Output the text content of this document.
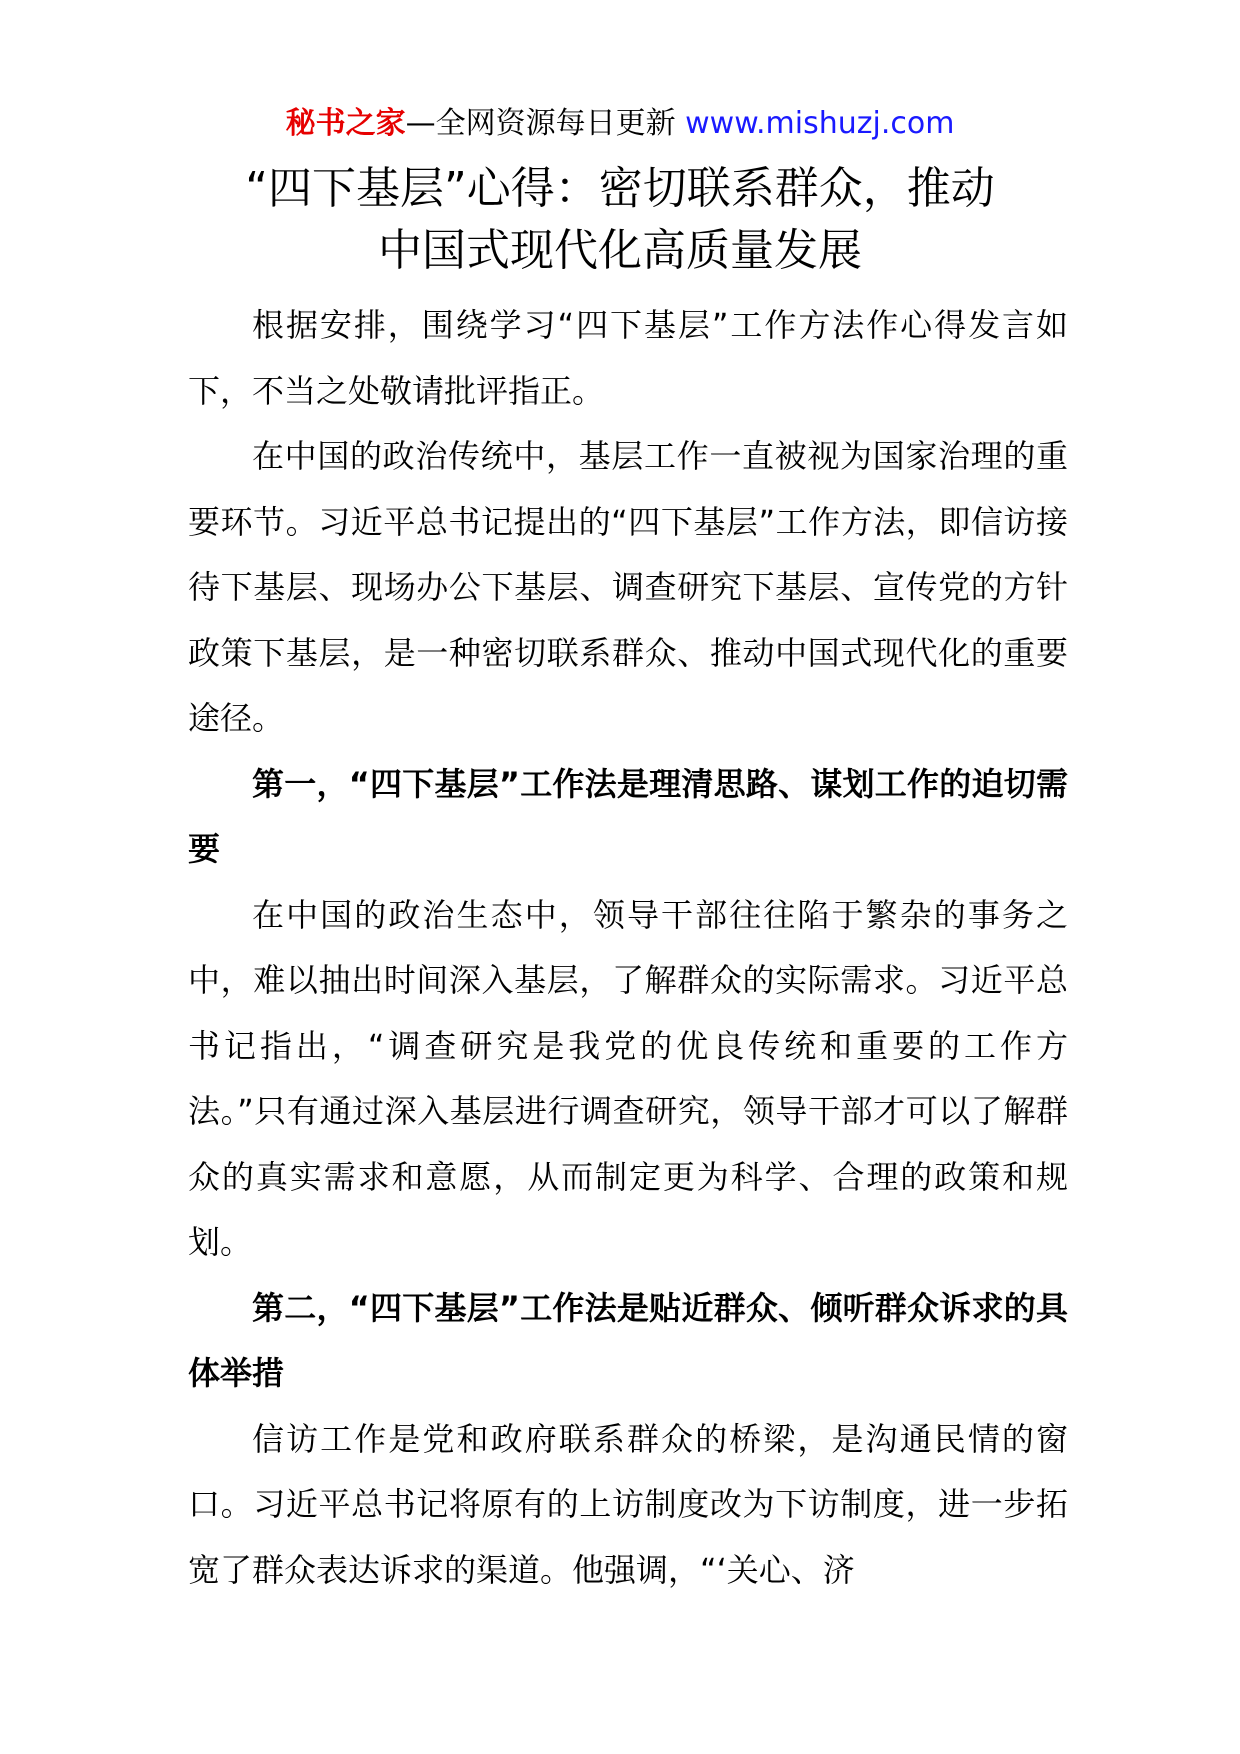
秘书之家—全网资源每日更新 www.mishuzj.com
“四下基层”心得：密切联系群众，推动
中国式现代化高质量发展

根据安排，围绕学习“四下基层”工作方法作心得发言如下，不当之处敬请批评指正。

在中国的政治传统中，基层工作一直被视为国家治理的重要环节。习近平总书记提出的“四下基层”工作方法，即信访接待下基层、现场办公下基层、调查研究下基层、宣传党的方针政策下基层，是一种密切联系群众、推动中国式现代化的重要途径。

第一，“四下基层”工作法是理清思路、谋划工作的迫切需要

在中国的政治生态中，领导干部往往陷于繁杂的事务之中，难以抽出时间深入基层，了解群众的实际需求。习近平总书记指出，“调查研究是我党的优良传统和重要的工作方法。”只有通过深入基层进行调查研究，领导干部才可以了解群众的真实需求和意愿，从而制定更为科学、合理的政策和规划。

第二，“四下基层”工作法是贴近群众、倾听群众诉求的具体举措

信访工作是党和政府联系群众的桥梁，是沟通民情的窗口。习近平总书记将原有的上访制度改为下访制度，进一步拓宽了群众表达诉求的渠道。他强调，“‘关心、济
